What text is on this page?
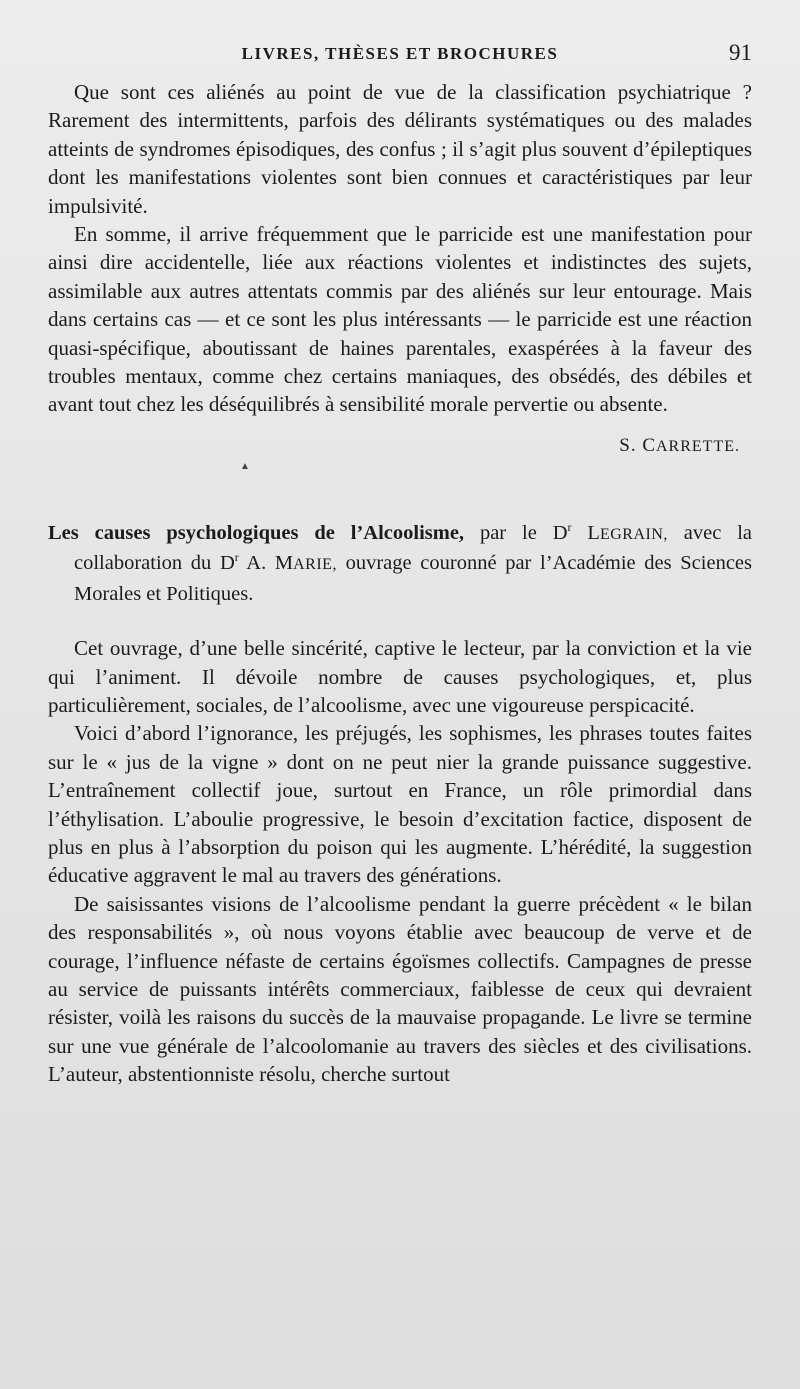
LIVRES, THÈSES ET BROCHURES	91

Que sont ces aliénés au point de vue de la classification psychiatrique ? Rarement des intermittents, parfois des délirants systématiques ou des malades atteints de syndromes épisodiques, des confus ; il s’agit plus souvent d’épileptiques dont les manifestations violentes sont bien connues et caractéristiques par leur impulsivité.

En somme, il arrive fréquemment que le parricide est une manifestation pour ainsi dire accidentelle, liée aux réactions violentes et indistinctes des sujets, assimilable aux autres attentats commis par des aliénés sur leur entourage. Mais dans certains cas — et ce sont les plus intéressants — le parricide est une réaction quasi-spécifique, aboutissant de haines parentales, exaspérées à la faveur des troubles mentaux, comme chez certains maniaques, des obsédés, des débiles et avant tout chez les déséquilibrés à sensibilité morale pervertie ou absente.

S. CARRETTE.
▲
Les causes psychologiques de l’Alcoolisme, par le $D^r$ LEGRAIN, avec la collaboration du $D^r$ A. MARIE, ouvrage couronné par l’Académie des Sciences Morales et Politiques.

Cet ouvrage, d’une belle sincérité, captive le lecteur, par la conviction et la vie qui l’animent. Il dévoile nombre de causes psychologiques, et, plus particulièrement, sociales, de l’alcoolisme, avec une vigoureuse perspicacité.

Voici d’abord l’ignorance, les préjugés, les sophismes, les phrases toutes faites sur le « jus de la vigne » dont on ne peut nier la grande puissance suggestive. L’entraînement collectif joue, surtout en France, un rôle primordial dans l’éthylisation. L’aboulie progressive, le besoin d’excitation factice, disposent de plus en plus à l’absorption du poison qui les augmente. L’hérédité, la suggestion éducative aggravent le mal au travers des générations.

De saisissantes visions de l’alcoolisme pendant la guerre précèdent « le bilan des responsabilités », où nous voyons établie avec beaucoup de verve et de courage, l’influence néfaste de certains égoïsmes collectifs. Campagnes de presse au service de puissants intérêts commerciaux, faiblesse de ceux qui devraient résister, voilà les raisons du succès de la mauvaise propagande. Le livre se termine sur une vue générale de l’alcoolomanie au travers des siècles et des civilisations. L’auteur, abstentionniste résolu, cherche surtout
